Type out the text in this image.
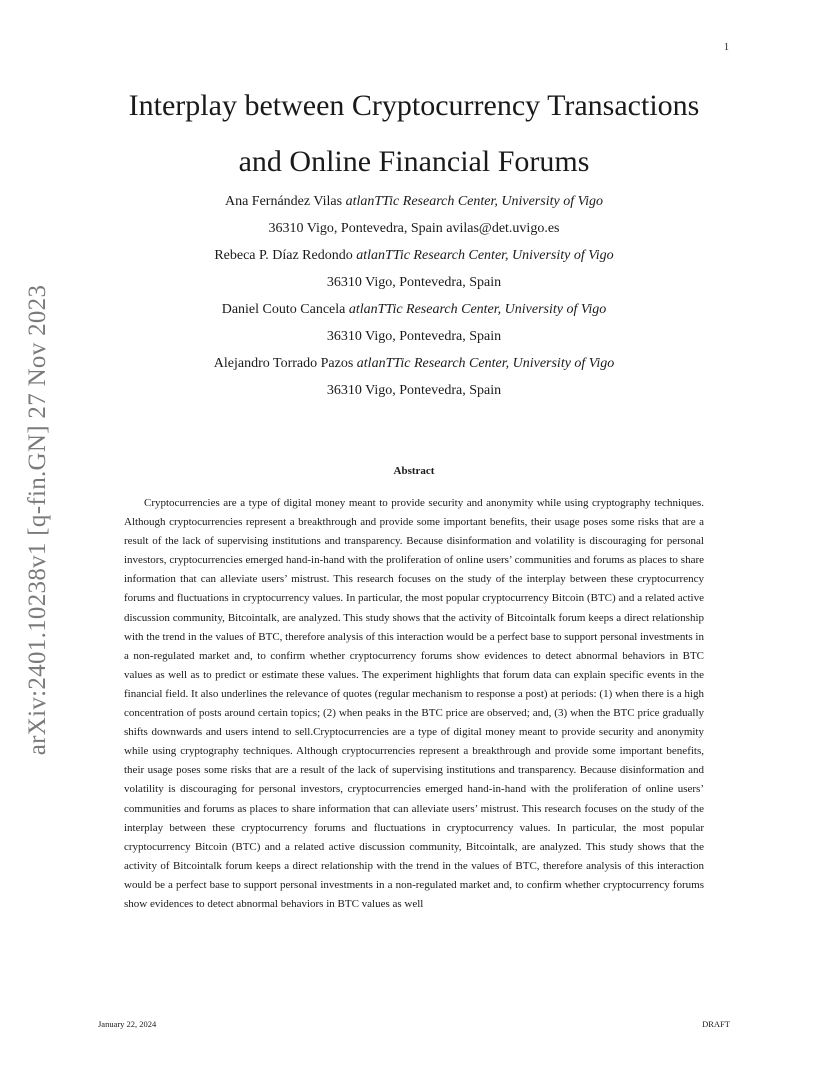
1
arXiv:2401.10238v1 [q-fin.GN] 27 Nov 2023
Interplay between Cryptocurrency Transactions
and Online Financial Forums
Ana Fernández Vilas atlanTTic Research Center, University of Vigo
36310 Vigo, Pontevedra, Spain avilas@det.uvigo.es
Rebeca P. Díaz Redondo atlanTTic Research Center, University of Vigo
36310 Vigo, Pontevedra, Spain
Daniel Couto Cancela atlanTTic Research Center, University of Vigo
36310 Vigo, Pontevedra, Spain
Alejandro Torrado Pazos atlanTTic Research Center, University of Vigo
36310 Vigo, Pontevedra, Spain
Abstract

Cryptocurrencies are a type of digital money meant to provide security and anonymity while using cryptography techniques. Although cryptocurrencies represent a breakthrough and provide some important benefits, their usage poses some risks that are a result of the lack of supervising institutions and transparency. Because disinformation and volatility is discouraging for personal investors, cryptocurrencies emerged hand-in-hand with the proliferation of online users’ communities and forums as places to share information that can alleviate users’ mistrust. This research focuses on the study of the interplay between these cryptocurrency forums and fluctuations in cryptocurrency values. In particular, the most popular cryptocurrency Bitcoin (BTC) and a related active discussion community, Bitcointalk, are analyzed. This study shows that the activity of Bitcointalk forum keeps a direct relationship with the trend in the values of BTC, therefore analysis of this interaction would be a perfect base to support personal investments in a non-regulated market and, to confirm whether cryptocurrency forums show evidences to detect abnormal behaviors in BTC values as well as to predict or estimate these values. The experiment highlights that forum data can explain specific events in the financial field. It also underlines the relevance of quotes (regular mechanism to response a post) at periods: (1) when there is a high concentration of posts around certain topics; (2) when peaks in the BTC price are observed; and, (3) when the BTC price gradually shifts downwards and users intend to sell.Cryptocurrencies are a type of digital money meant to provide security and anonymity while using cryptography techniques. Although cryptocurrencies represent a breakthrough and provide some important benefits, their usage poses some risks that are a result of the lack of supervising institutions and transparency. Because disinformation and volatility is discouraging for personal investors, cryptocurrencies emerged hand-in-hand with the proliferation of online users’ communities and forums as places to share information that can alleviate users’ mistrust. This research focuses on the study of the interplay between these cryptocurrency forums and fluctuations in cryptocurrency values. In particular, the most popular cryptocurrency Bitcoin (BTC) and a related active discussion community, Bitcointalk, are analyzed. This study shows that the activity of Bitcointalk forum keeps a direct relationship with the trend in the values of BTC, therefore analysis of this interaction would be a perfect base to support personal investments in a non-regulated market and, to confirm whether cryptocurrency forums show evidences to detect abnormal behaviors in BTC values as well

January 22, 2024	DRAFT
